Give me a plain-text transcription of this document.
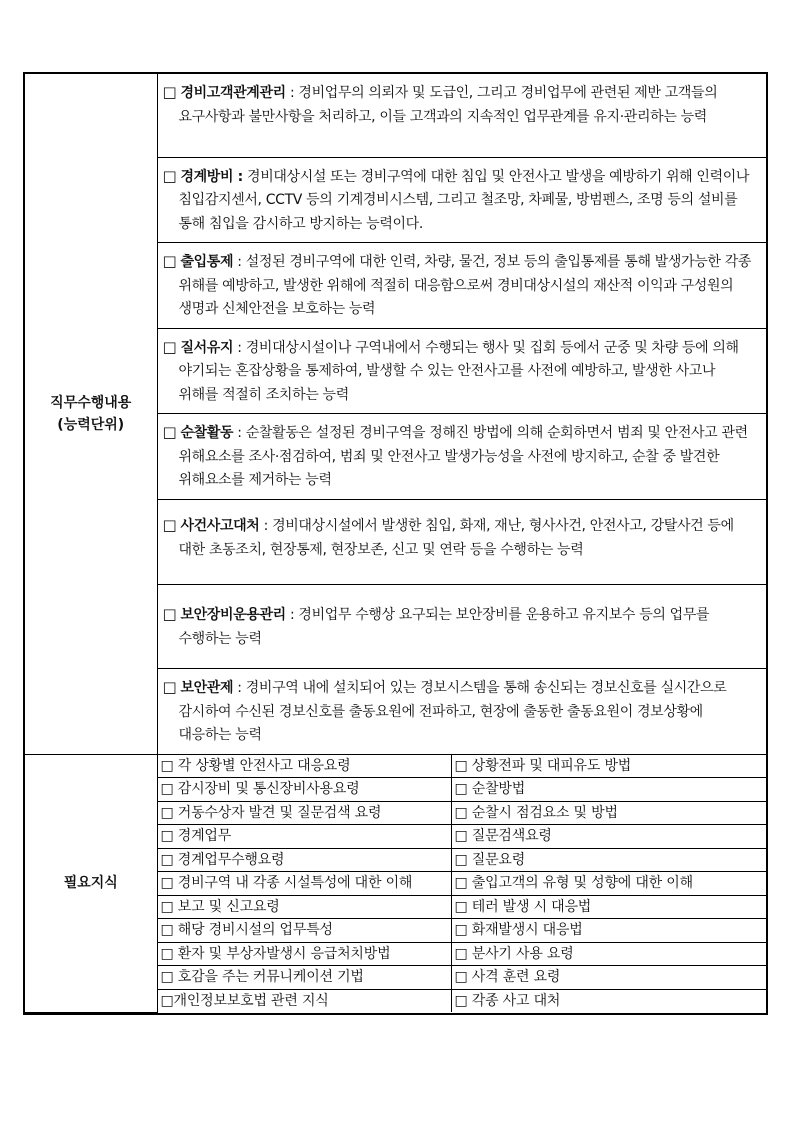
직무수행내용
(능력단위)	□ 경비고객관계관리 : 경비업무의 의뢰자 및 도급인, 그리고 경비업무에 관련된 제반 고객들의 요구사항과 불만사항을 처리하고, 이들 고객과의 지속적인 업무관계를 유지·관리하는 능력	

	□ 경계방비 : 경비대상시설 또는 경비구역에 대한 침입 및 안전사고 발생을 예방하기 위해 인력이나 침입감지센서, CCTV 등의 기계경비시스템, 그리고 철조망, 차폐물, 방범펜스, 조명 등의 설비를 통해 침입을 감시하고 방지하는 능력이다.	

	□ 출입통제 : 설정된 경비구역에 대한 인력, 차량, 물건, 정보 등의 출입통제를 통해 발생가능한 각종 위해를 예방하고, 발생한 위해에 적절히 대응함으로써 경비대상시설의 재산적 이익과 구성원의 생명과 신체안전을 보호하는 능력	

	□ 질서유지 : 경비대상시설이나 구역내에서 수행되는 행사 및 집회 등에서 군중 및 차량 등에 의해 야기되는 혼잡상황을 통제하여, 발생할 수 있는 안전사고를 사전에 예방하고, 발생한 사고나 위해를 적절히 조치하는 능력	

	□ 순찰활동 : 순찰활동은 설정된 경비구역을 정해진 방법에 의해 순회하면서 범죄 및 안전사고 관련 위해요소를 조사·점검하여, 범죄 및 안전사고 발생가능성을 사전에 방지하고, 순찰 중 발견한 위해요소를 제거하는 능력	

	□ 사건사고대처 : 경비대상시설에서 발생한 침입, 화재, 재난, 형사사건, 안전사고, 강탈사건 등에 대한 초동조치, 현장통제, 현장보존, 신고 및 연락 등을 수행하는 능력	

	□ 보안장비운용관리 : 경비업무 수행상 요구되는 보안장비를 운용하고 유지보수 등의 업무를 수행하는 능력	

	□ 보안관제 : 경비구역 내에 설치되어 있는 경보시스템을 통해 송신되는 경보신호를 실시간으로 감시하여 수신된 경보신호를 출동요원에 전파하고, 현장에 출동한 출동요원이 경보상황에 대응하는 능력	

필요지식	□ 각 상황별 안전사고 대응요령	□ 상황전파 및 대피유도 방법
	□ 감시장비 및 통신장비사용요령	□ 순찰방법
	□ 거동수상자 발견 및 질문검색 요령	□ 순찰시 점검요소 및 방법
	□ 경계업무	□ 질문검색요령
	□ 경계업무수행요령	□ 질문요령
	□ 경비구역 내 각종 시설특성에 대한 이해	□ 출입고객의 유형 및 성향에 대한 이해
	□ 보고 및 신고요령	□ 테러 발생 시 대응법
	□ 해당 경비시설의 업무특성	□ 화재발생시 대응법
	□ 환자 및 부상자발생시 응급처치방법	□ 분사기 사용 요령
	□ 호감을 주는 커뮤니케이션 기법	□ 사격 훈련 요령
	□개인정보보호법 관련 지식	□ 각종 사고 대처
